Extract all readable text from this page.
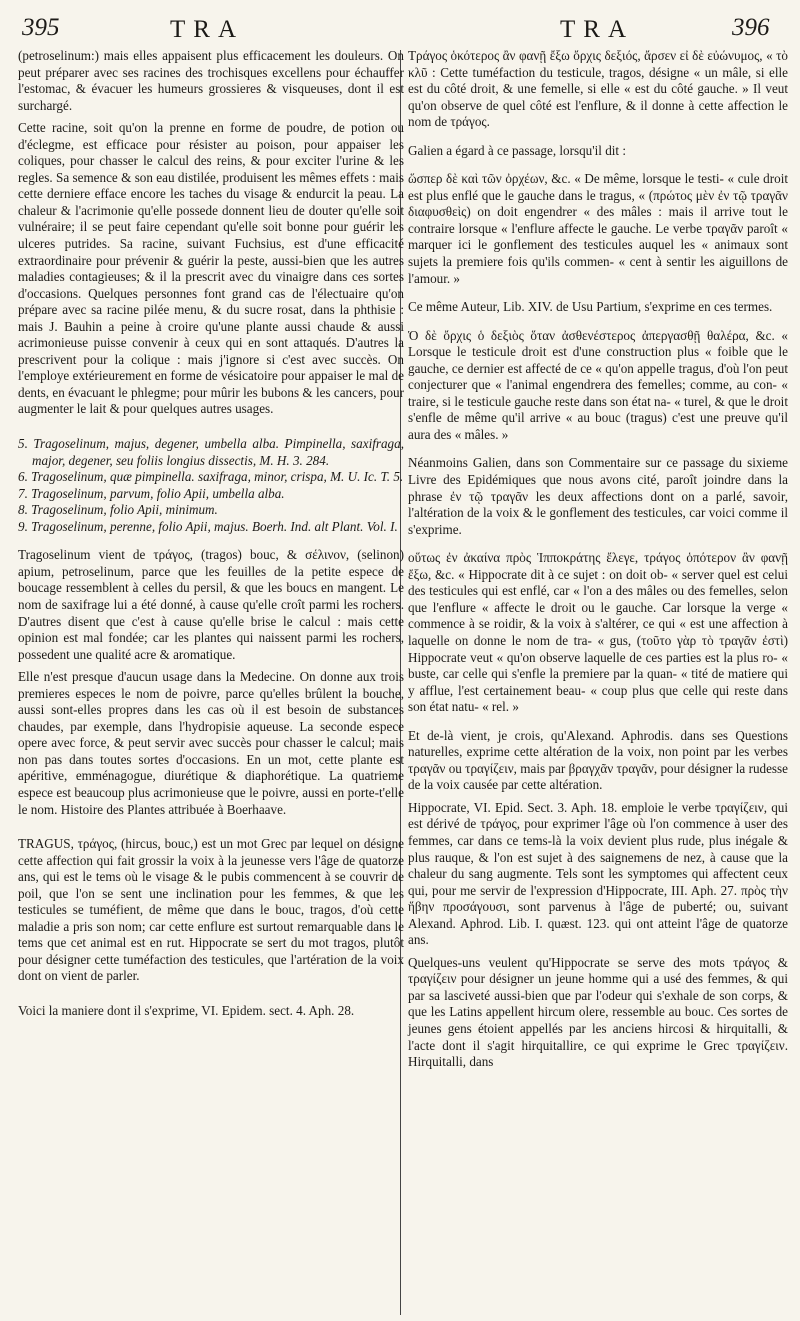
395	TRA	TRA	396

(petroselinum:) mais elles appaisent plus efficacement les douleurs. On peut préparer avec ses racines des trochisques excellens pour échauffer l'estomac, & évacuer les humeurs grossieres & visqueuses, dont il est surchargé.

Cette racine, soit qu'on la prenne en forme de poudre, de potion ou d'éclegme, est efficace pour résister au poison, pour appaiser les coliques, pour chasser le calcul des reins, & pour exciter l'urine & les regles. Sa semence & son eau distilée, produisent les mêmes effets : mais cette derniere efface encore les taches du visage & endurcit la peau. La chaleur & l'acrimonie qu'elle possede donnent lieu de douter qu'elle soit vulnéraire; il se peut faire cependant qu'elle soit bonne pour guérir les ulceres putrides. Sa racine, suivant Fuchsius, est d'une efficacité extraordinaire pour prévenir & guérir la peste, aussi-bien que les autres maladies contagieuses; & il la prescrit avec du vinaigre dans ces sortes d'occasions. Quelques personnes font grand cas de l'électuaire qu'on prépare avec sa racine pilée menu, & du sucre rosat, dans la phthisie : mais J. Bauhin a peine à croire qu'une plante aussi chaude & aussi acrimonieuse puisse convenir à ceux qui en sont attaqués. D'autres la prescrivent pour la colique : mais j'ignore si c'est avec succès. On l'employe extérieurement en forme de vésicatoire pour appaiser le mal de dents, en évacuant le phlegme; pour mûrir les bubons & les cancers, pour augmenter le lait & pour quelques autres usages.

5. Tragoselinum, majus, degener, umbella alba. Pimpinella, saxifraga, major, degener, seu foliis longius dissectis, M. H. 3. 284.
6. Tragoselinum, quæ pimpinella. saxifraga, minor, crispa, M. U. Ic. T. 5.
7. Tragoselinum, parvum, folio Apii, umbella alba.
8. Tragoselinum, folio Apii, minimum.
9. Tragoselinum, perenne, folio Apii, majus. Boerh. Ind. alt Plant. Vol. I.

Tragoselinum vient de τράγος, (tragos) bouc, & σέλινον, (selinon) apium, petroselinum, parce que les feuilles de la petite espece de boucage ressemblent à celles du persil, & que les boucs en mangent. Le nom de saxifrage lui a été donné, à cause qu'elle croît parmi les rochers. D'autres disent que c'est à cause qu'elle brise le calcul : mais cette opinion est mal fondée; car les plantes qui naissent parmi les rochers, possedent une qualité acre & aromatique.

Elle n'est presque d'aucun usage dans la Medecine. On donne aux trois premieres especes le nom de poivre, parce qu'elles brûlent la bouche, aussi sont-elles propres dans les cas où il est besoin de substances chaudes, par exemple, dans l'hydropisie aqueuse. La seconde espece opere avec force, & peut servir avec succès pour chasser le calcul; mais non pas dans toutes sortes d'occasions. En un mot, cette plante est apéritive, emménagogue, diurétique & diaphorétique. La quatrieme espece est beaucoup plus acrimonieuse que le poivre, aussi en porte-t'elle le nom. Histoire des Plantes attribuée à Boerhaave.

TRAGUS, τράγος, (hircus, bouc,) est un mot Grec par lequel on désigne cette affection qui fait grossir la voix à la jeunesse vers l'âge de quatorze ans, qui est le tems où le visage & le pubis commencent à se couvrir de poil, que l'on se sent une inclination pour les femmes, & que les testicules se tuméfient, de même que dans le bouc, tragos, d'où cette maladie a pris son nom; car cette enflure est surtout remarquable dans le tems que cet animal est en rut. Hippocrate se sert du mot tragos, plutôt pour désigner cette tuméfaction des testicules, que l'artération de la voix dont on vient de parler.

Voici la maniere dont il s'exprime, VI. Epidem. sect. 4. Aph. 28.

Τράγος ὁκότερος ἂν φανῇ ἔξω ὄρχις δεξιός, ἄρσεν εἰ δὲ εὐώνυμος, « τὸ κλῦ : Cette tuméfaction du testicule, tragos, désigne « un mâle, si elle est du côté droit, & une femelle, si elle « est du côté gauche. » Il veut qu'on observe de quel côté est l'enflure, & il donne à cette affection le nom de τράγος.

Galien a égard à ce passage, lorsqu'il dit :

ὥσπερ δὲ καὶ τῶν ὀρχέων, &c. « De même, lorsque le testi- « cule droit est plus enflé que le gauche dans le tragus, « (πρώτος μὲν ἐν τῷ τραγᾶν διαφυσθεὶς) on doit engendrer « des mâles : mais il arrive tout le contraire lorsque « l'enflure affecte le gauche. Le verbe τραγᾶν paroît « marquer ici le gonflement des testicules auquel les « animaux sont sujets la premiere fois qu'ils commen- « cent à sentir les aiguillons de l'amour. »

Ce même Auteur, Lib. XIV. de Usu Partium, s'exprime en ces termes.

Ὁ δὲ ὄρχις ὁ δεξιὸς ὅταν ἀσθενέστερος ἀπεργασθῇ θαλέρα, &c. « Lorsque le testicule droit est d'une construction plus « foible que le gauche, ce dernier est affecté de ce « qu'on appelle tragus, d'où l'on peut conjecturer que « l'animal engendrera des femelles; comme, au con- « traire, si le testicule gauche reste dans son état na- « turel, & que le droit s'enfle de même qu'il arrive « au bouc (tragus) c'est une preuve qu'il aura des « mâles. »

Néanmoins Galien, dans son Commentaire sur ce passage du sixieme Livre des Epidémiques que nous avons cité, paroît joindre dans la phrase ἐν τῷ τραγᾶν les deux affections dont on a parlé, savoir, l'altération de la voix & le gonflement des testicules, car voici comme il s'exprime.

οὕτως ἐν ἀκαίνα πρὸς Ἱπποκράτης ἔλεγε, τράγος ὁπότερον ἂν φανῇ ἔξω, &c. « Hippocrate dit à ce sujet : on doit ob- « server quel est celui des testicules qui est enflé, car « l'on a des mâles ou des femelles, selon que l'enflure « affecte le droit ou le gauche. Car lorsque la verge « commence à se roidir, & la voix à s'altérer, ce qui « est une affection à laquelle on donne le nom de tra- « gus, (τοῦτο γὰρ τὸ τραγᾶν ἐστὶ) Hippocrate veut « qu'on observe laquelle de ces parties est la plus ro- « buste, car celle qui s'enfle la premiere par la quan- « tité de matiere qui y afflue, l'est certainement beau- « coup plus que celle qui reste dans son état natu- « rel. »

Et de-là vient, je crois, qu'Alexand. Aphrodis. dans ses Questions naturelles, exprime cette altération de la voix, non point par les verbes τραγᾶν ou τραγίζειν, mais par βραγχᾶν τραγᾶν, pour désigner la rudesse de la voix causée par cette altération.

Hippocrate, VI. Epid. Sect. 3. Aph. 18. emploie le verbe τραγίζειν, qui est dérivé de τράγος, pour exprimer l'âge où l'on commence à user des femmes, car dans ce tems-là la voix devient plus rude, plus inégale & plus rauque, & l'on est sujet à des saignemens de nez, à cause que la chaleur du sang augmente. Tels sont les symptomes qui affectent ceux qui, pour me servir de l'expression d'Hippocrate, III. Aph. 27. πρὸς τὴν ἥβην προσάγουσι, sont parvenus à l'âge de puberté; ou, suivant Alexand. Aphrod. Lib. I. quæst. 123. qui ont atteint l'âge de quatorze ans.

Quelques-uns veulent qu'Hippocrate se serve des mots τράγος & τραγίζειν pour désigner un jeune homme qui a usé des femmes, & qui par sa lasciveté aussi-bien que par l'odeur qui s'exhale de son corps, & que les Latins appellent hircum olere, ressemble au bouc. Ces sortes de jeunes gens étoient appellés par les anciens hircosi & hirquitalli, & l'acte dont il s'agit hirquitallire, ce qui exprime le Grec τραγίζειν. Hirquitalli, dans
